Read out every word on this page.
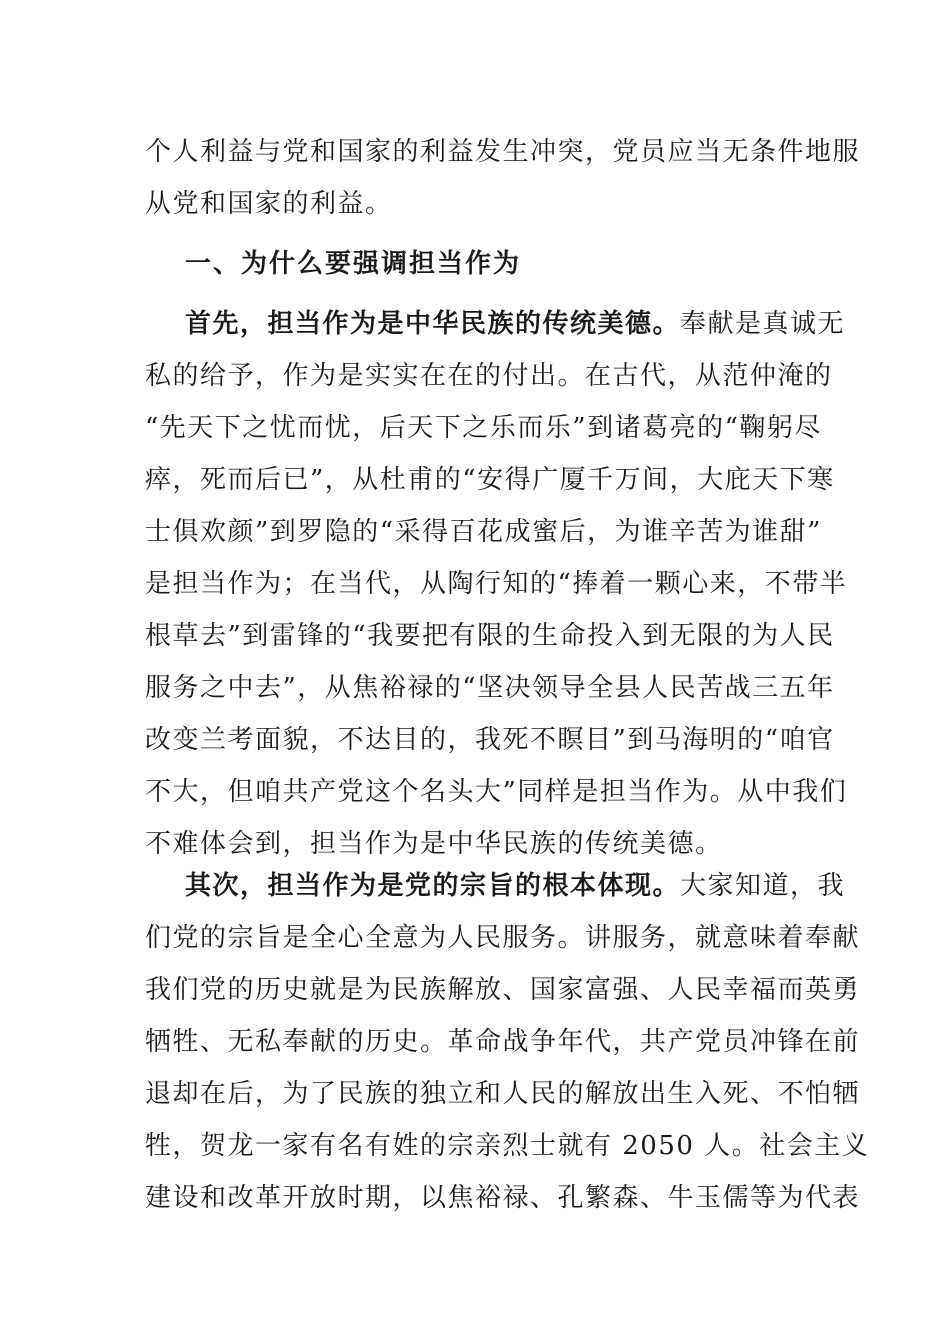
个人利益与党和国家的利益发生冲突，党员应当无条件地服
从党和国家的利益。
一、为什么要强调担当作为
首先，担当作为是中华民族的传统美德。奉献是真诚无
私的给予，作为是实实在在的付出。在古代，从范仲淹的
“先天下之忧而忧，后天下之乐而乐”到诸葛亮的“鞠躬尽
瘁，死而后已”，从杜甫的“安得广厦千万间，大庇天下寒
士俱欢颜”到罗隐的“采得百花成蜜后，为谁辛苦为谁甜”
是担当作为；在当代，从陶行知的“捧着一颗心来，不带半
根草去”到雷锋的“我要把有限的生命投入到无限的为人民
服务之中去”，从焦裕禄的“坚决领导全县人民苦战三五年
改变兰考面貌，不达目的，我死不瞑目”到马海明的“咱官
不大，但咱共产党这个名头大”同样是担当作为。从中我们
不难体会到，担当作为是中华民族的传统美德。
其次，担当作为是党的宗旨的根本体现。大家知道，我
们党的宗旨是全心全意为人民服务。讲服务，就意味着奉献
我们党的历史就是为民族解放、国家富强、人民幸福而英勇
牺牲、无私奉献的历史。革命战争年代，共产党员冲锋在前
退却在后，为了民族的独立和人民的解放出生入死、不怕牺
牲，贺龙一家有名有姓的宗亲烈士就有 2050 人。社会主义
建设和改革开放时期，以焦裕禄、孔繁森、牛玉儒等为代表
